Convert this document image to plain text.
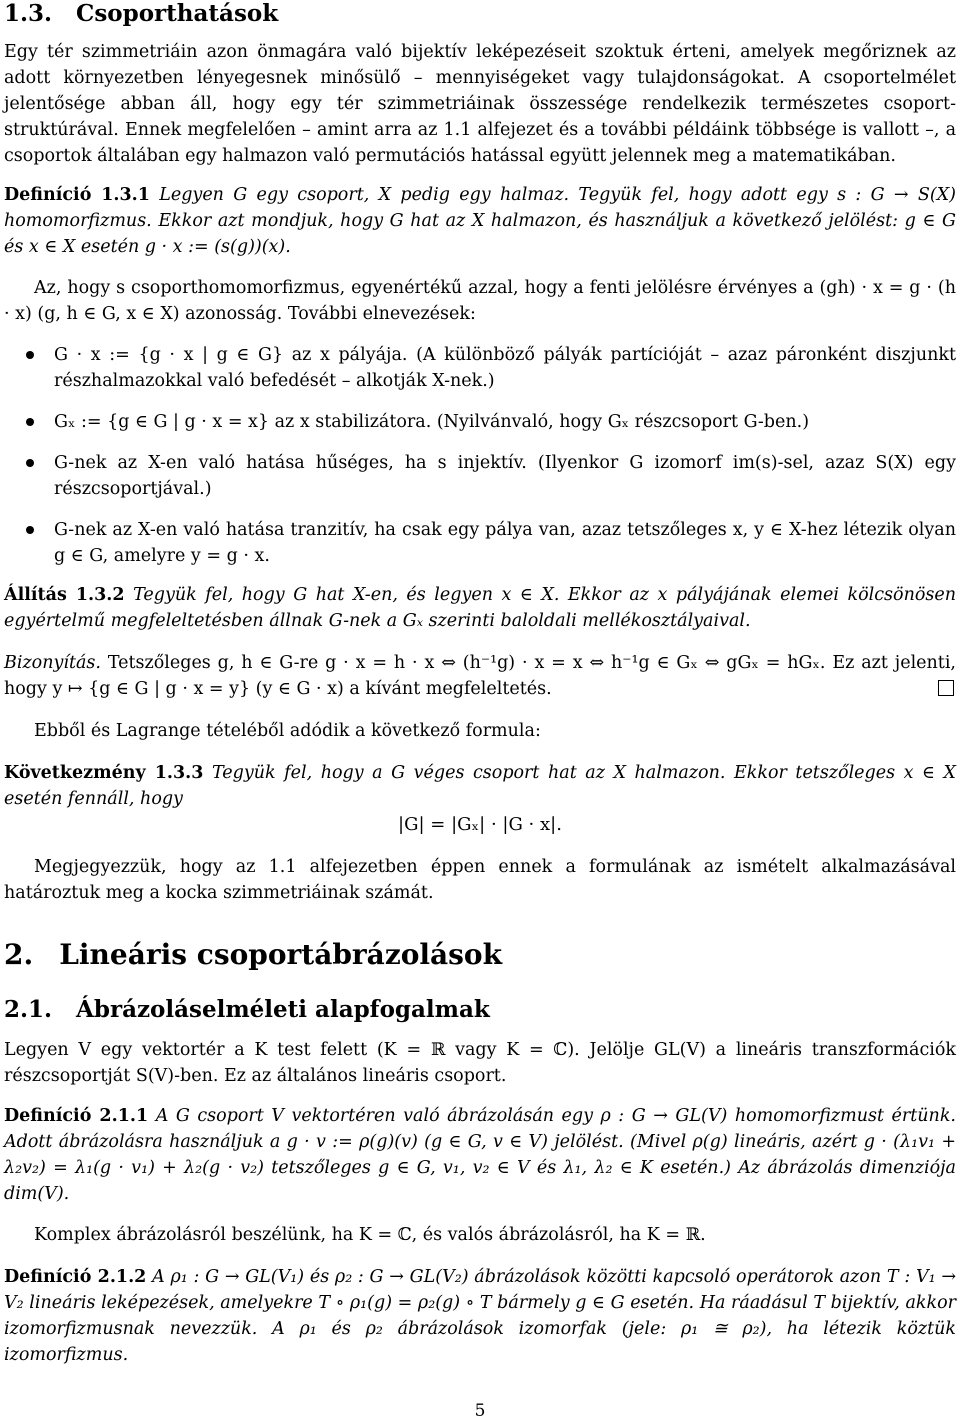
1.3. Csoporthatások
Egy tér szimmetriáin azon önmagára való bijektív leképezéseit szoktuk érteni, amelyek megőriznek az adott környezetben lényegesnek minősülő – mennyiségeket vagy tulajdonságokat. A csoportelmélet jelentősége abban áll, hogy egy tér szimmetriáinak összessége rendelkezik természetes csoport-struktúrával. Ennek megfelelően – amint arra az 1.1 alfejezet és a további példáink többsége is vallott –, a csoportok általában egy halmazon való permutációs hatással együtt jelennek meg a matematikában.
Definíció 1.3.1 Legyen G egy csoport, X pedig egy halmaz. Tegyük fel, hogy adott egy s : G → S(X) homomorfizmus. Ekkor azt mondjuk, hogy G hat az X halmazon, és használjuk a következő jelölést: g ∈ G és x ∈ X esetén g · x := (s(g))(x).
Az, hogy s csoporthomomorfizmus, egyenértékű azzal, hogy a fenti jelölésre érvényes a (gh) · x = g · (h · x) (g, h ∈ G, x ∈ X) azonosság. További elnevezések:
G · x := {g · x | g ∈ G} az x pályája. (A különböző pályák partícióját – azaz páronként diszjunkt részhalmazokkal való befedését – alkotják X-nek.)
Gₓ := {g ∈ G | g · x = x} az x stabilizátora. (Nyilvánvaló, hogy Gₓ részcsoport G-ben.)
G-nek az X-en való hatása hűséges, ha s injektív. (Ilyenkor G izomorf im(s)-sel, azaz S(X) egy részcsoportjával.)
G-nek az X-en való hatása tranzitív, ha csak egy pálya van, azaz tetszőleges x, y ∈ X-hez létezik olyan g ∈ G, amelyre y = g · x.
Állítás 1.3.2 Tegyük fel, hogy G hat X-en, és legyen x ∈ X. Ekkor az x pályájának elemei kölcsönösen egyértelmű megfeleltetésben állnak G-nek a Gₓ szerinti baloldali mellékosztályaival.
Bizonyítás. Tetszőleges g, h ∈ G-re g · x = h · x ⇔ (h⁻¹g) · x = x ⇔ h⁻¹g ∈ Gₓ ⇔ gGₓ = hGₓ. Ez azt jelenti, hogy y ↦ {g ∈ G | g · x = y} (y ∈ G · x) a kívánt megfeleltetés.
Ebből és Lagrange tételéből adódik a következő formula:
Következmény 1.3.3 Tegyük fel, hogy a G véges csoport hat az X halmazon. Ekkor tetszőleges x ∈ X esetén fennáll, hogy
|G| = |Gₓ| · |G · x|.
Megjegyezzük, hogy az 1.1 alfejezetben éppen ennek a formulának az ismételt alkalmazásával határoztuk meg a kocka szimmetriáinak számát.
2. Lineáris csoportábrázolások
2.1. Ábrázoláselméleti alapfogalmak
Legyen V egy vektortér a K test felett (K = ℝ vagy K = ℂ). Jelölje GL(V) a lineáris transzformációk részcsoportját S(V)-ben. Ez az általános lineáris csoport.
Definíció 2.1.1 A G csoport V vektortéren való ábrázolásán egy ρ : G → GL(V) homomorfizmust értünk. Adott ábrázolásra használjuk a g · v := ρ(g)(v) (g ∈ G, v ∈ V) jelölést. (Mivel ρ(g) lineáris, azért g · (λ₁v₁ + λ₂v₂) = λ₁(g · v₁) + λ₂(g · v₂) tetszőleges g ∈ G, v₁, v₂ ∈ V és λ₁, λ₂ ∈ K esetén.) Az ábrázolás dimenziója dim(V).
Komplex ábrázolásról beszélünk, ha K = ℂ, és valós ábrázolásról, ha K = ℝ.
Definíció 2.1.2 A ρ₁ : G → GL(V₁) és ρ₂ : G → GL(V₂) ábrázolások közötti kapcsoló operátorok azon T : V₁ → V₂ lineáris leképezések, amelyekre T ∘ ρ₁(g) = ρ₂(g) ∘ T bármely g ∈ G esetén. Ha ráadásul T bijektív, akkor izomorfizmusnak nevezzük. A ρ₁ és ρ₂ ábrázolások izomorfak (jele: ρ₁ ≅ ρ₂), ha létezik köztük izomorfizmus.
5
